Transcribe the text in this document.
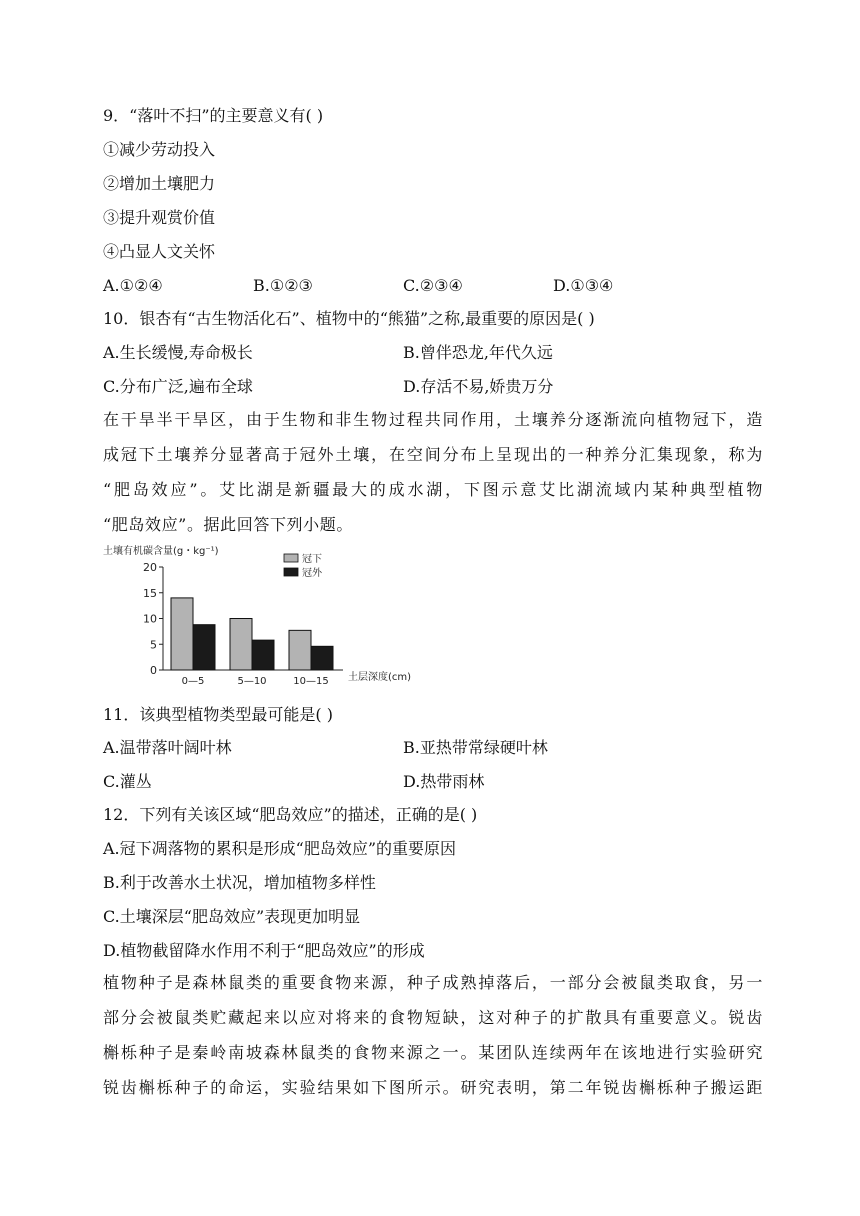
9．“落叶不扫”的主要意义有( )
①减少劳动投入
②增加土壤肥力
③提升观赏价值
④凸显人文关怀
A.①②④	B.①②③	C.②③④	D.①③④
10．银杏有“古生物活化石”、植物中的“熊猫”之称,最重要的原因是( )
A.生长缓慢,寿命极长	B.曾伴恐龙,年代久远
C.分布广泛,遍布全球	D.存活不易,娇贵万分
在干旱半干旱区，由于生物和非生物过程共同作用，土壤养分逐渐流向植物冠下，造
成冠下土壤养分显著高于冠外土壤，在空间分布上呈现出的一种养分汇集现象，称为
“肥岛效应”。艾比湖是新疆最大的成水湖，下图示意艾比湖流域内某种典型植物
“肥岛效应”。据此回答下列小题。
土壤有机碳含量(g・kg⁻¹)
0
5
10
15
20
0—5	5—10	10—15
冠下
冠外
土层深度(cm)
11．该典型植物类型最可能是( )
A.温带落叶阔叶林	B.亚热带常绿硬叶林
C.灌丛	D.热带雨林
12．下列有关该区域“肥岛效应”的描述，正确的是( )
A.冠下凋落物的累积是形成“肥岛效应”的重要原因
B.利于改善水土状况，增加植物多样性
C.土壤深层“肥岛效应”表现更加明显
D.植物截留降水作用不利于“肥岛效应”的形成
植物种子是森林鼠类的重要食物来源，种子成熟掉落后，一部分会被鼠类取食，另一
部分会被鼠类贮藏起来以应对将来的食物短缺，这对种子的扩散具有重要意义。锐齿
槲栎种子是秦岭南坡森林鼠类的食物来源之一。某团队连续两年在该地进行实验研究
锐齿槲栎种子的命运，实验结果如下图所示。研究表明，第二年锐齿槲栎种子搬运距
